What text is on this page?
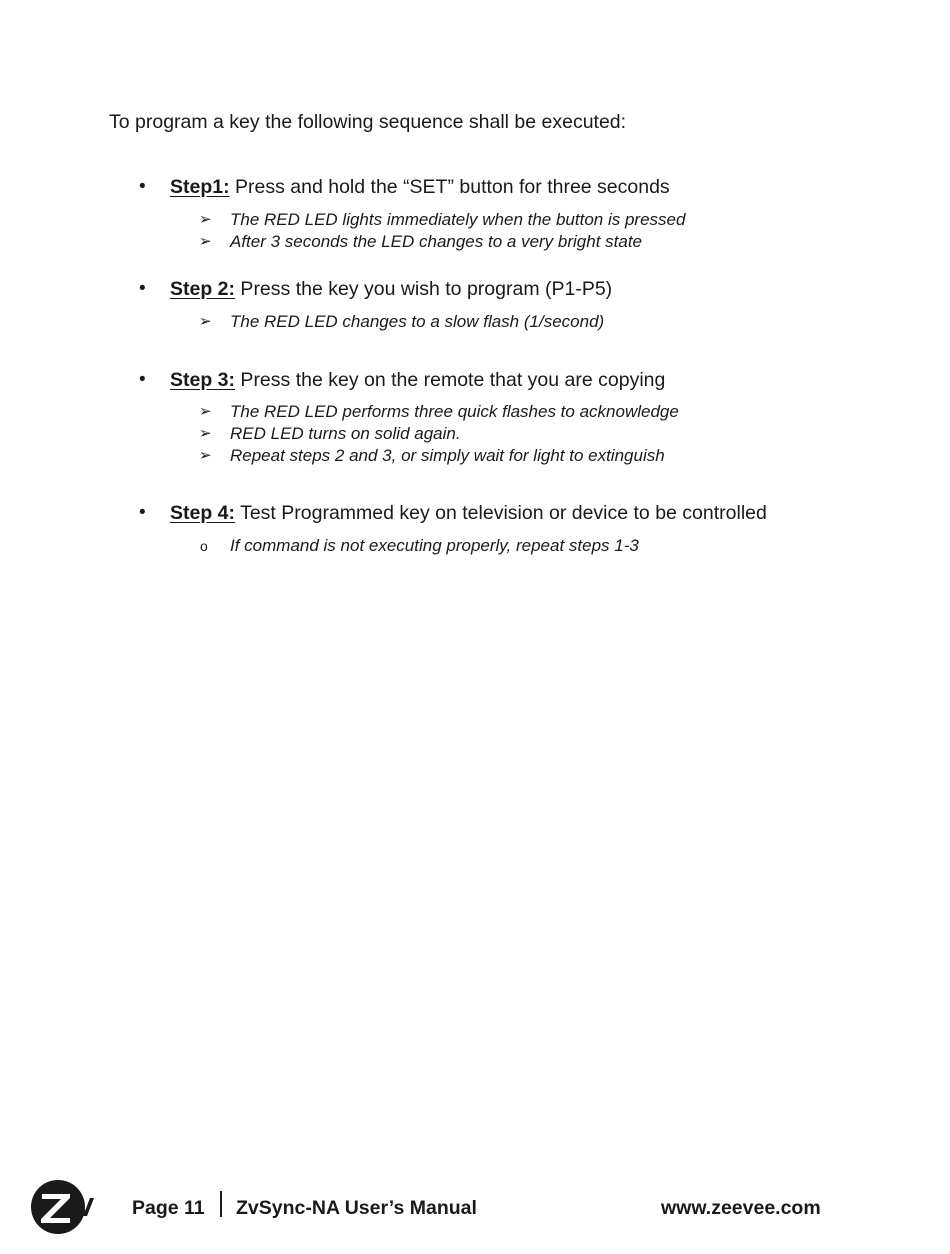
To program a key the following sequence shall be executed:
• Step1: Press and hold the “SET” button for three seconds
➢ The RED LED lights immediately when the button is pressed
➢ After 3 seconds the LED changes to a very bright state
• Step 2: Press the key you wish to program (P1-P5)
➢ The RED LED changes to a slow flash (1/second)
• Step 3: Press the key on the remote that you are copying
➢ The RED LED performs three quick flashes to acknowledge
➢ RED LED turns on solid again.
➢ Repeat steps 2 and 3, or simply wait for light to extinguish
• Step 4: Test Programmed key on television or device to be controlled
o If command is not executing properly, repeat steps 1-3
Page 11 ZvSync-NA User’s Manual	www.zeevee.com
